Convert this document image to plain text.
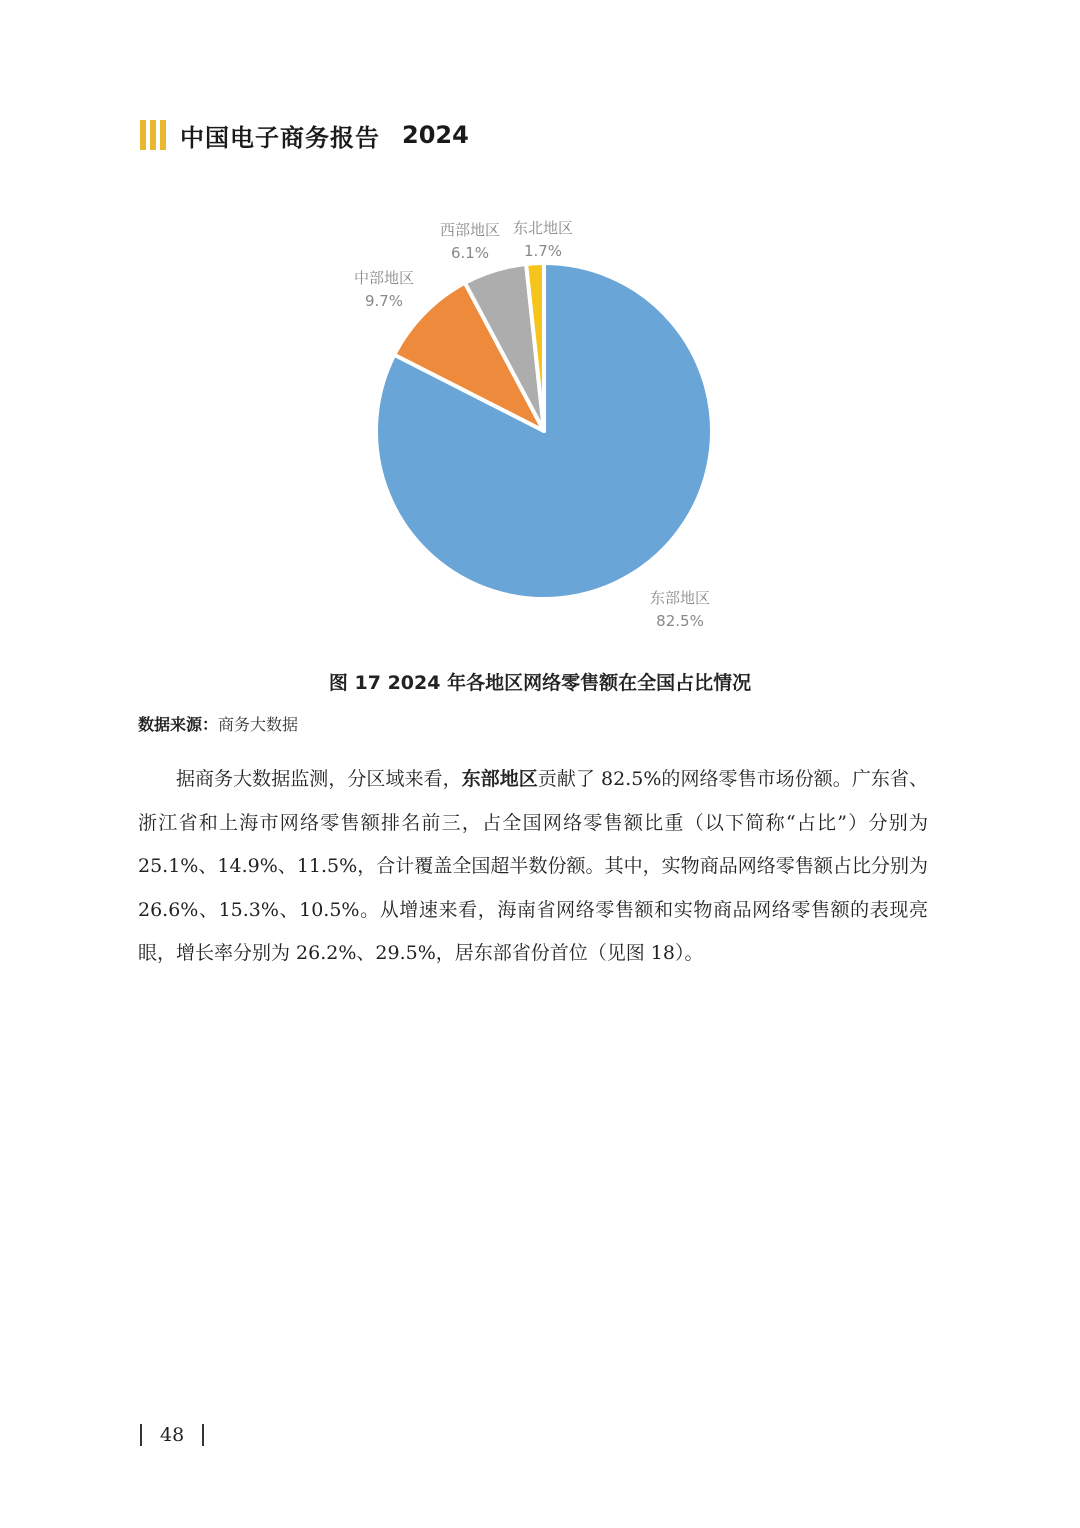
中国电子商务报告 2024
东部地区
82.5%
中部地区
9.7%
西部地区
6.1%
东北地区
1.7%
图 17 2024 年各地区网络零售额在全国占比情况
数据来源：商务大数据
据商务大数据监测，分区域来看，东部地区贡献了 82.5%的网络零售市场份额。广东省、浙江省和上海市网络零售额排名前三，占全国网络零售额比重（以下简称“占比”）分别为 25.1%、14.9%、11.5%，合计覆盖全国超半数份额。其中，实物商品网络零售额占比分别为 26.6%、15.3%、10.5%。从增速来看，海南省网络零售额和实物商品网络零售额的表现亮眼，增长率分别为 26.2%、29.5%，居东部省份首位（见图 18）。
48
